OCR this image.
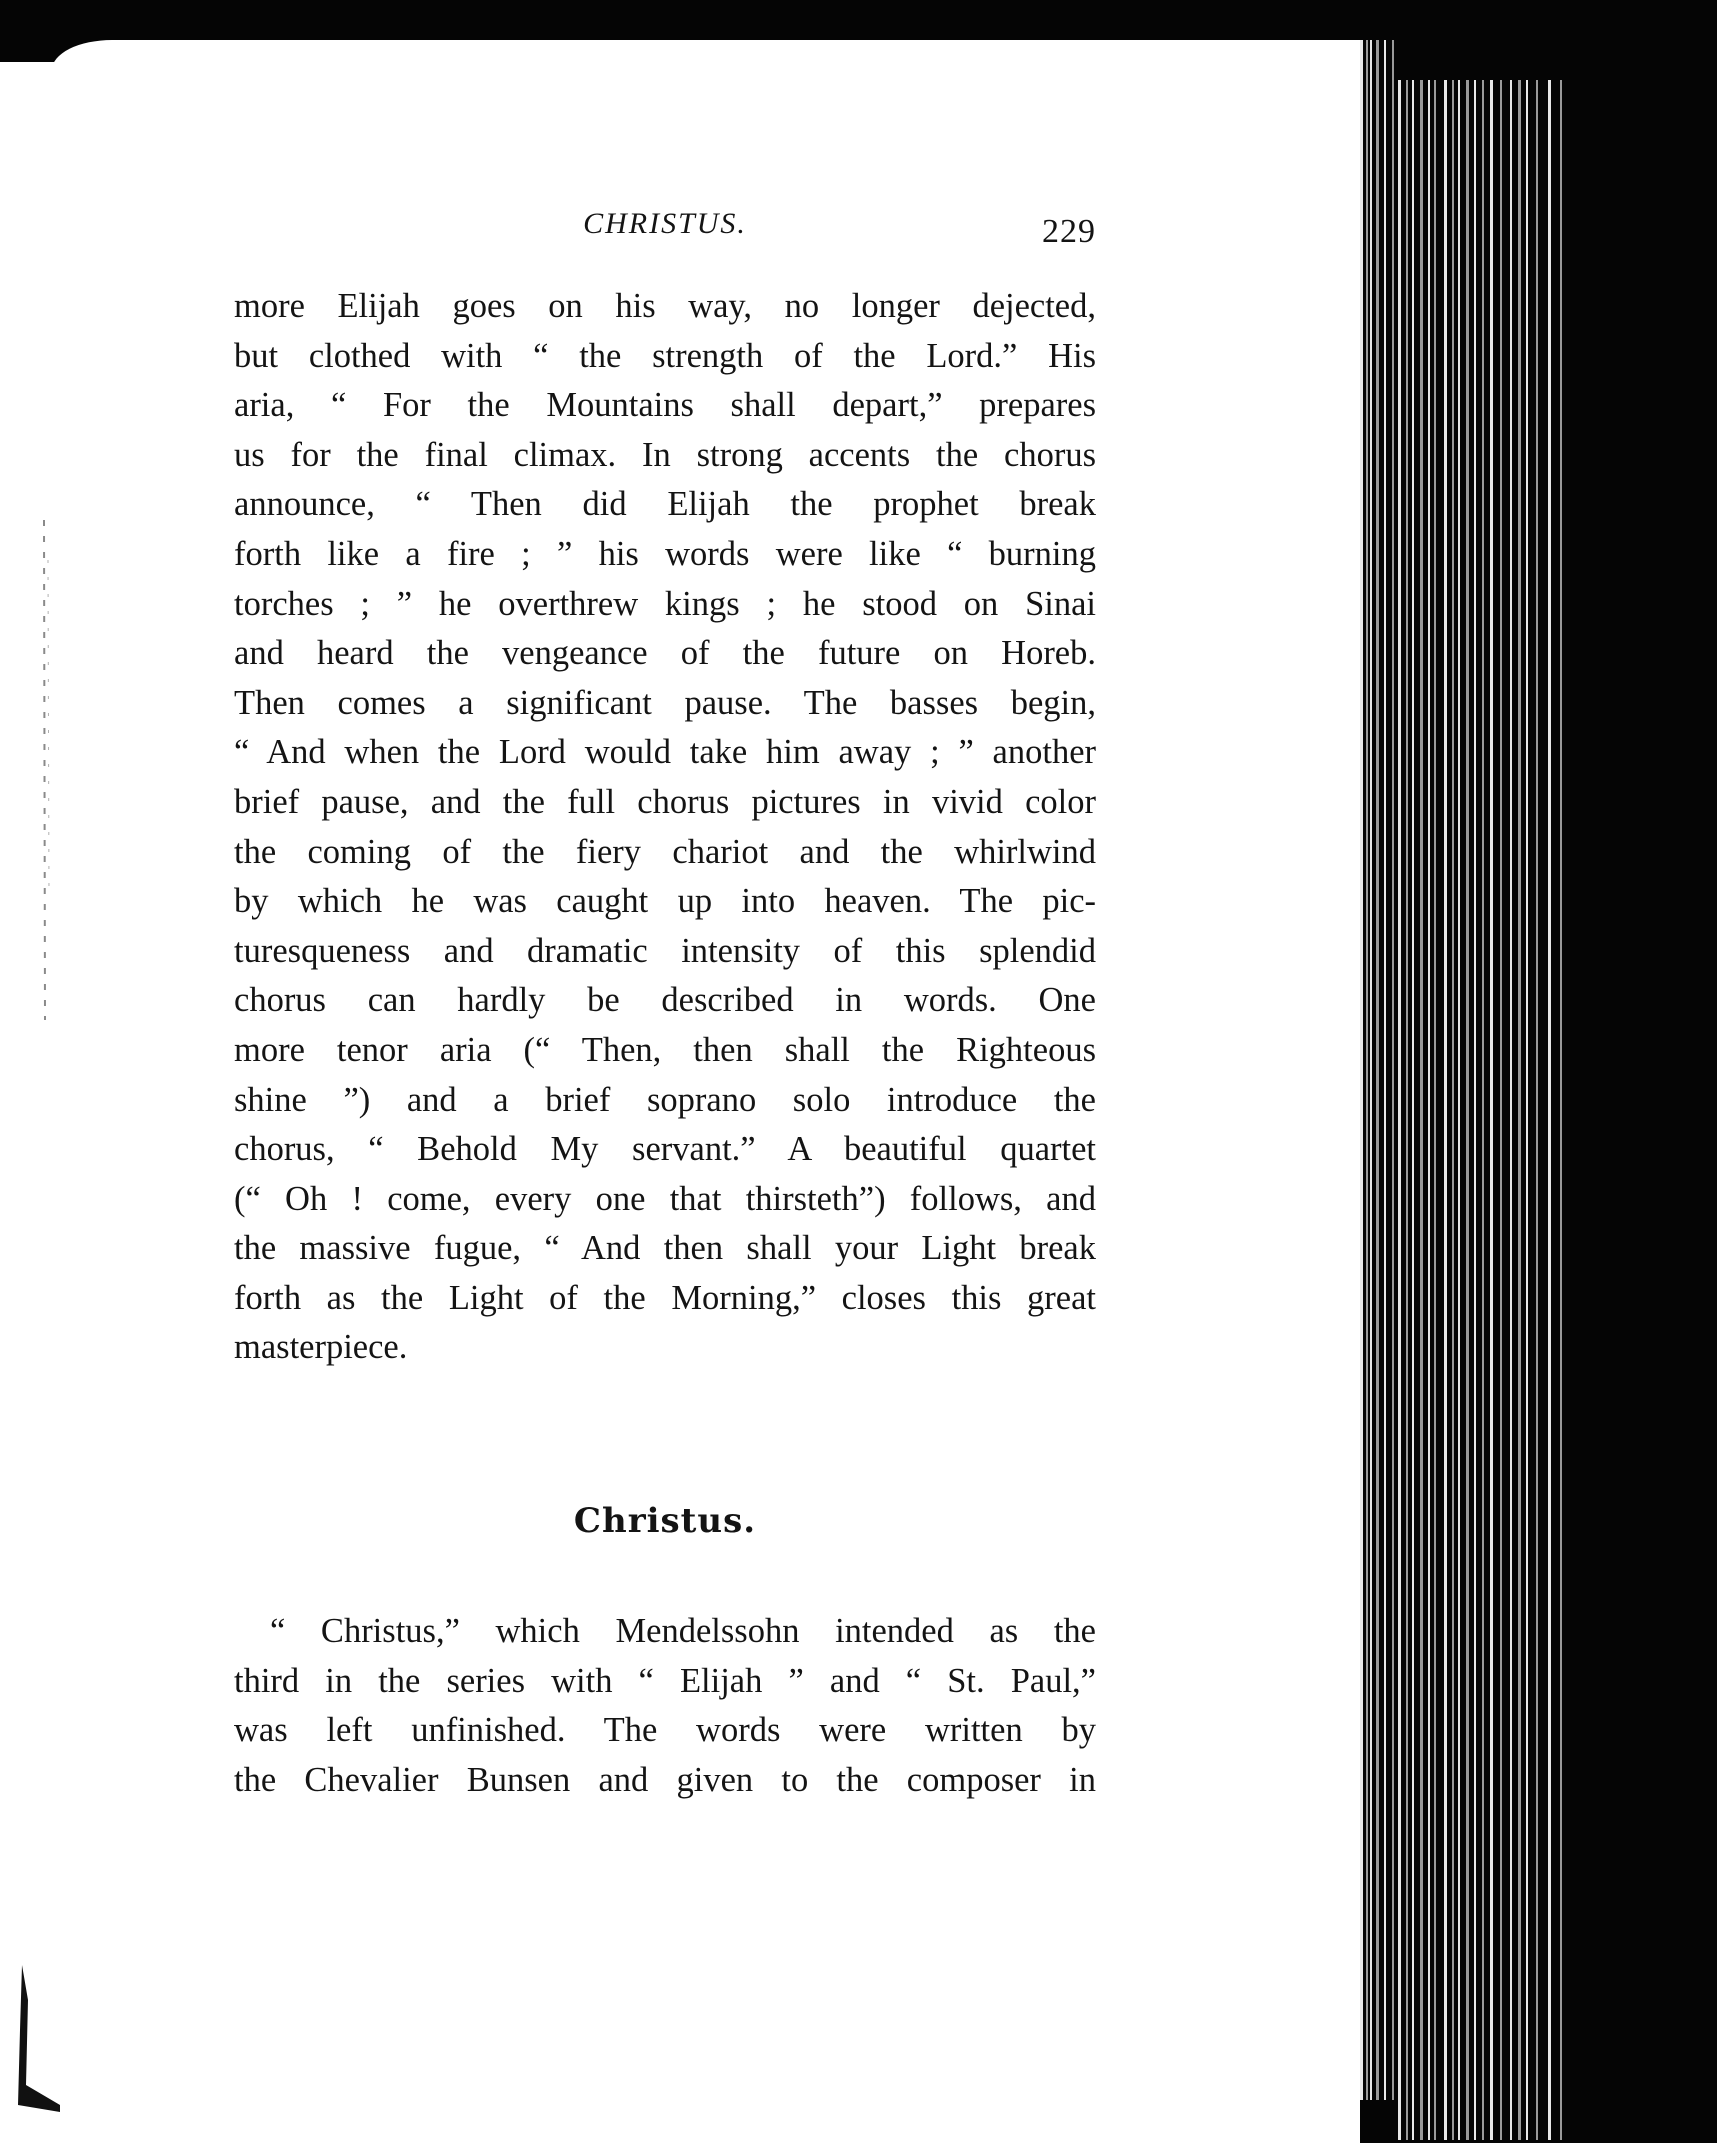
CHRISTUS.	229

more Elijah goes on his way, no longer dejected,
but clothed with “ the strength of the Lord.” His
aria, “ For the Mountains shall depart,” prepares
us for the final climax. In strong accents the chorus
announce, “ Then did Elijah the prophet break
forth like a fire ; ” his words were like “ burning
torches ; ” he overthrew kings ; he stood on Sinai
and heard the vengeance of the future on Horeb.
Then comes a significant pause. The basses begin,
“ And when the Lord would take him away ; ” another
brief pause, and the full chorus pictures in vivid color
the coming of the fiery chariot and the whirlwind
by which he was caught up into heaven. The pic-
turesqueness and dramatic intensity of this splendid
chorus can hardly be described in words. One
more tenor aria (“ Then, then shall the Righteous
shine ”) and a brief soprano solo introduce the
chorus, “ Behold My servant.” A beautiful quartet
(“ Oh ! come, every one that thirsteth”) follows, and
the massive fugue, “ And then shall your Light break
forth as the Light of the Morning,” closes this great
masterpiece.

Christus.

“ Christus,” which Mendelssohn intended as the
third in the series with “ Elijah ” and “ St. Paul,”
was left unfinished. The words were written by
the Chevalier Bunsen and given to the composer in
